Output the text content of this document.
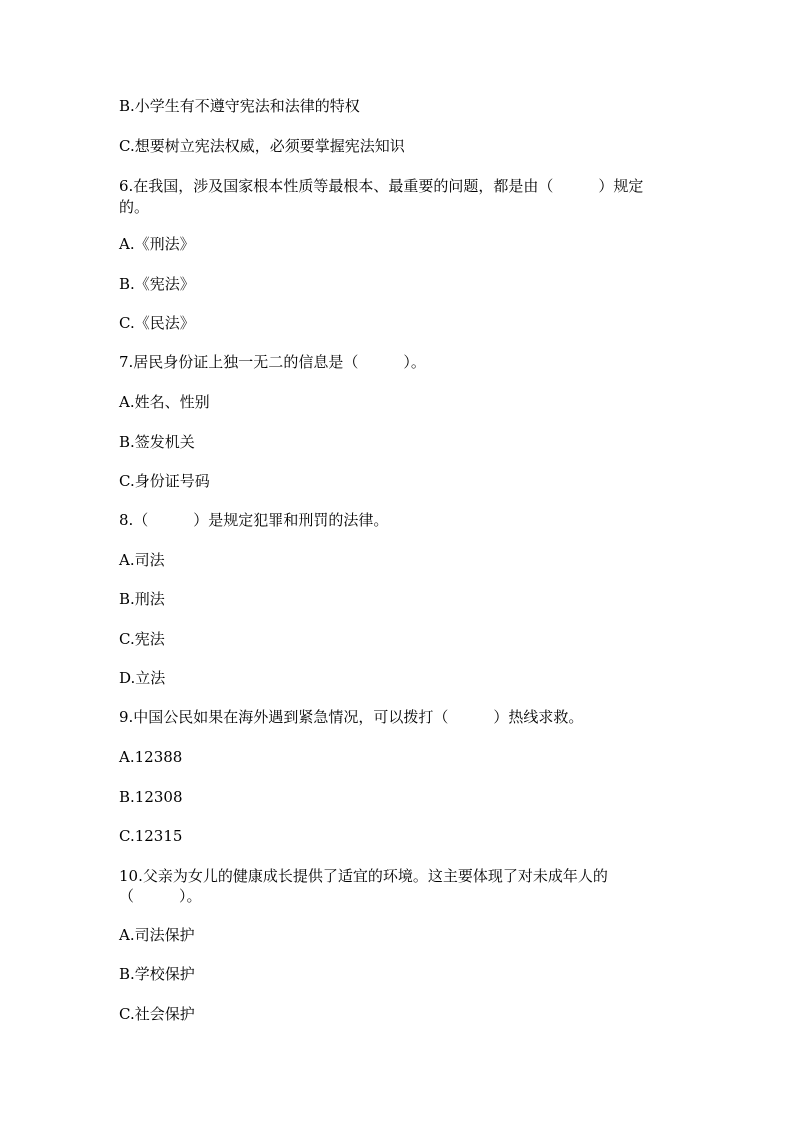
B.小学生有不遵守宪法和法律的特权
C.想要树立宪法权威，必须要掌握宪法知识
6.在我国，涉及国家根本性质等最根本、最重要的问题，都是由（　　　）规定
的。
A.《刑法》
B.《宪法》
C.《民法》
7.居民身份证上独一无二的信息是（　　　）。
A.姓名、性别
B.签发机关
C.身份证号码
8.（　　　）是规定犯罪和刑罚的法律。
A.司法
B.刑法
C.宪法
D.立法
9.中国公民如果在海外遇到紧急情况，可以拨打（　　　）热线求救。
A.12388
B.12308
C.12315
10.父亲为女儿的健康成长提供了适宜的环境。这主要体现了对未成年人的
（　　　）。
A.司法保护
B.学校保护
C.社会保护
